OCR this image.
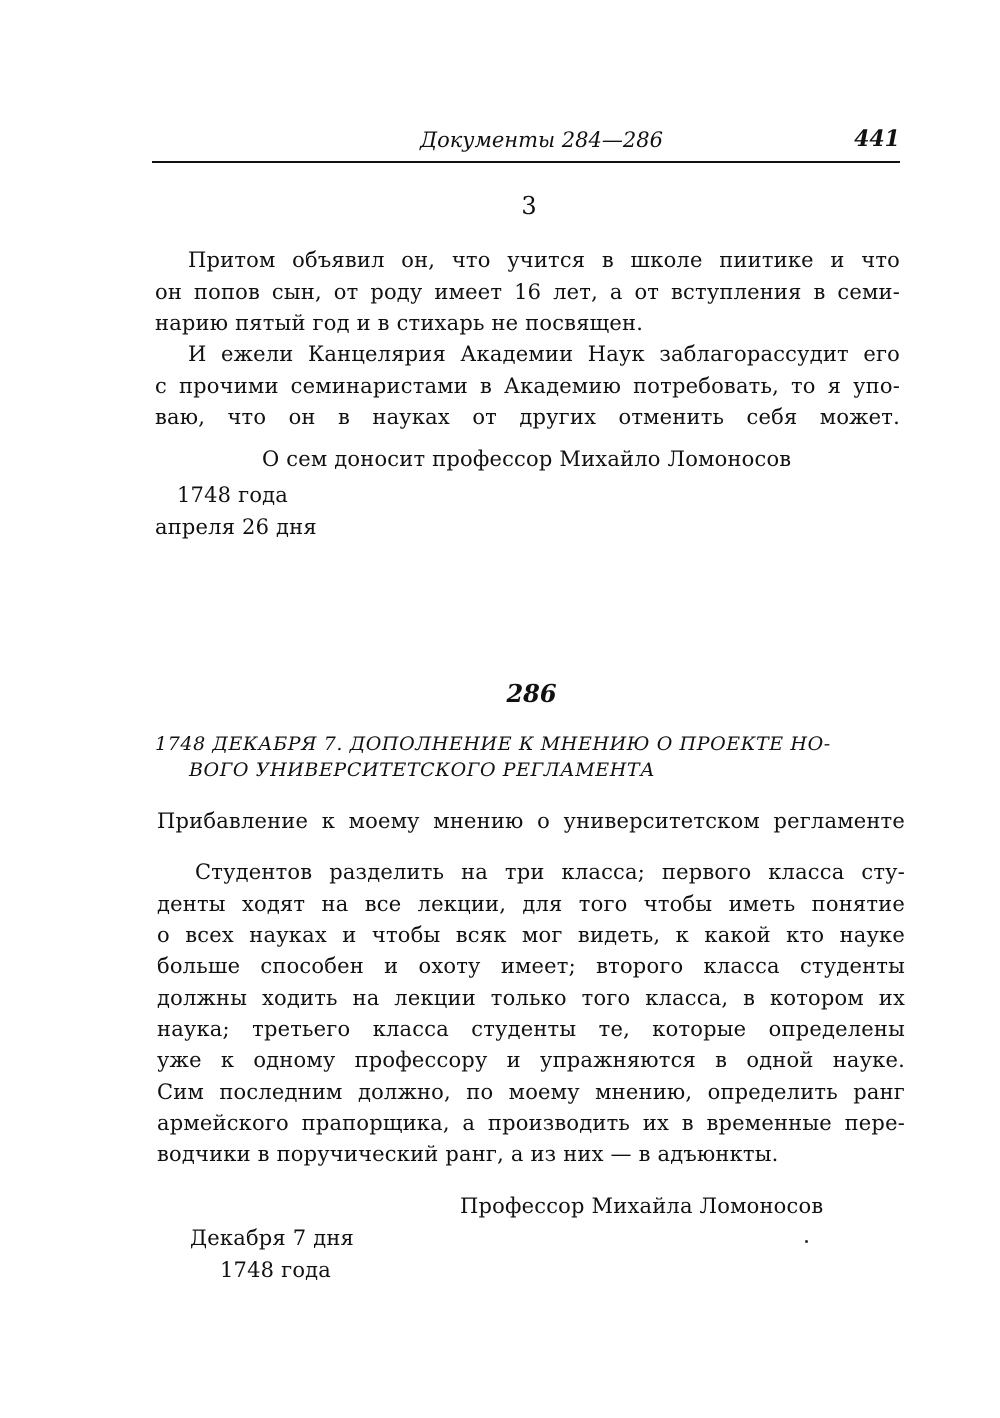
Документы 284—286	441
3
Притом объявил он, что учится в школе пиитике и что
он попов сын, от роду имеет 16 лет, а от вступления в семи-
нарию пятый год и в стихарь не посвящен.
И ежели Канцелярия Академии Наук заблагорассудит его
с прочими семинаристами в Академию потребовать, то я упо-
ваю, что он в науках от других отменить себя может.
О сем доносит профессор Михайло Ломоносов
1748 года
апреля 26 дня
286
1748 ДЕКАБРЯ 7. ДОПОЛНЕНИЕ К МНЕНИЮ О ПРОЕКТЕ НО-
ВОГО УНИВЕРСИТЕТСКОГО РЕГЛАМЕНТА
Прибавление к моему мнению о университетском регламенте
Студентов разделить на три класса; первого класса сту-
денты ходят на все лекции, для того чтобы иметь понятие
о всех науках и чтобы всяк мог видеть, к какой кто науке
больше способен и охоту имеет; второго класса студенты
должны ходить на лекции только того класса, в котором их
наука; третьего класса студенты те, которые определены
уже к одному профессору и упражняются в одной науке.
Сим последним должно, по моему мнению, определить ранг
армейского прапорщика, а производить их в временные пере-
водчики в поручический ранг, а из них — в адъюнкты.
Профессор Михайла Ломоносов
Декабря 7 дня
1748 года
